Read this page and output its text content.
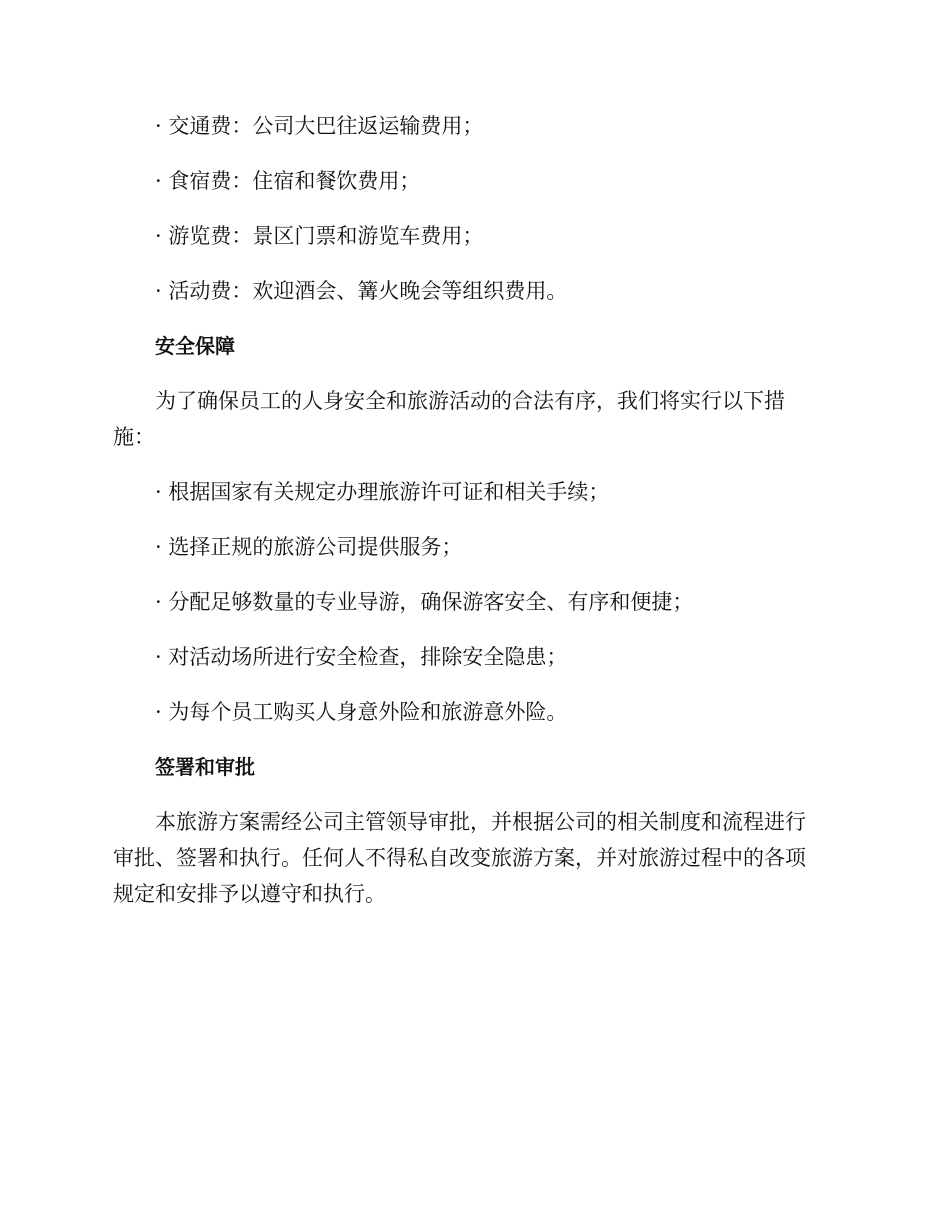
· 交通费：公司大巴往返运输费用；

· 食宿费：住宿和餐饮费用；

· 游览费：景区门票和游览车费用；

· 活动费：欢迎酒会、篝火晚会等组织费用。

安全保障

为了确保员工的人身安全和旅游活动的合法有序，我们将实行以下措
施：

· 根据国家有关规定办理旅游许可证和相关手续；

· 选择正规的旅游公司提供服务；

· 分配足够数量的专业导游，确保游客安全、有序和便捷；

· 对活动场所进行安全检查，排除安全隐患；

· 为每个员工购买人身意外险和旅游意外险。

签署和审批

本旅游方案需经公司主管领导审批，并根据公司的相关制度和流程进行
审批、签署和执行。任何人不得私自改变旅游方案，并对旅游过程中的各项
规定和安排予以遵守和执行。
